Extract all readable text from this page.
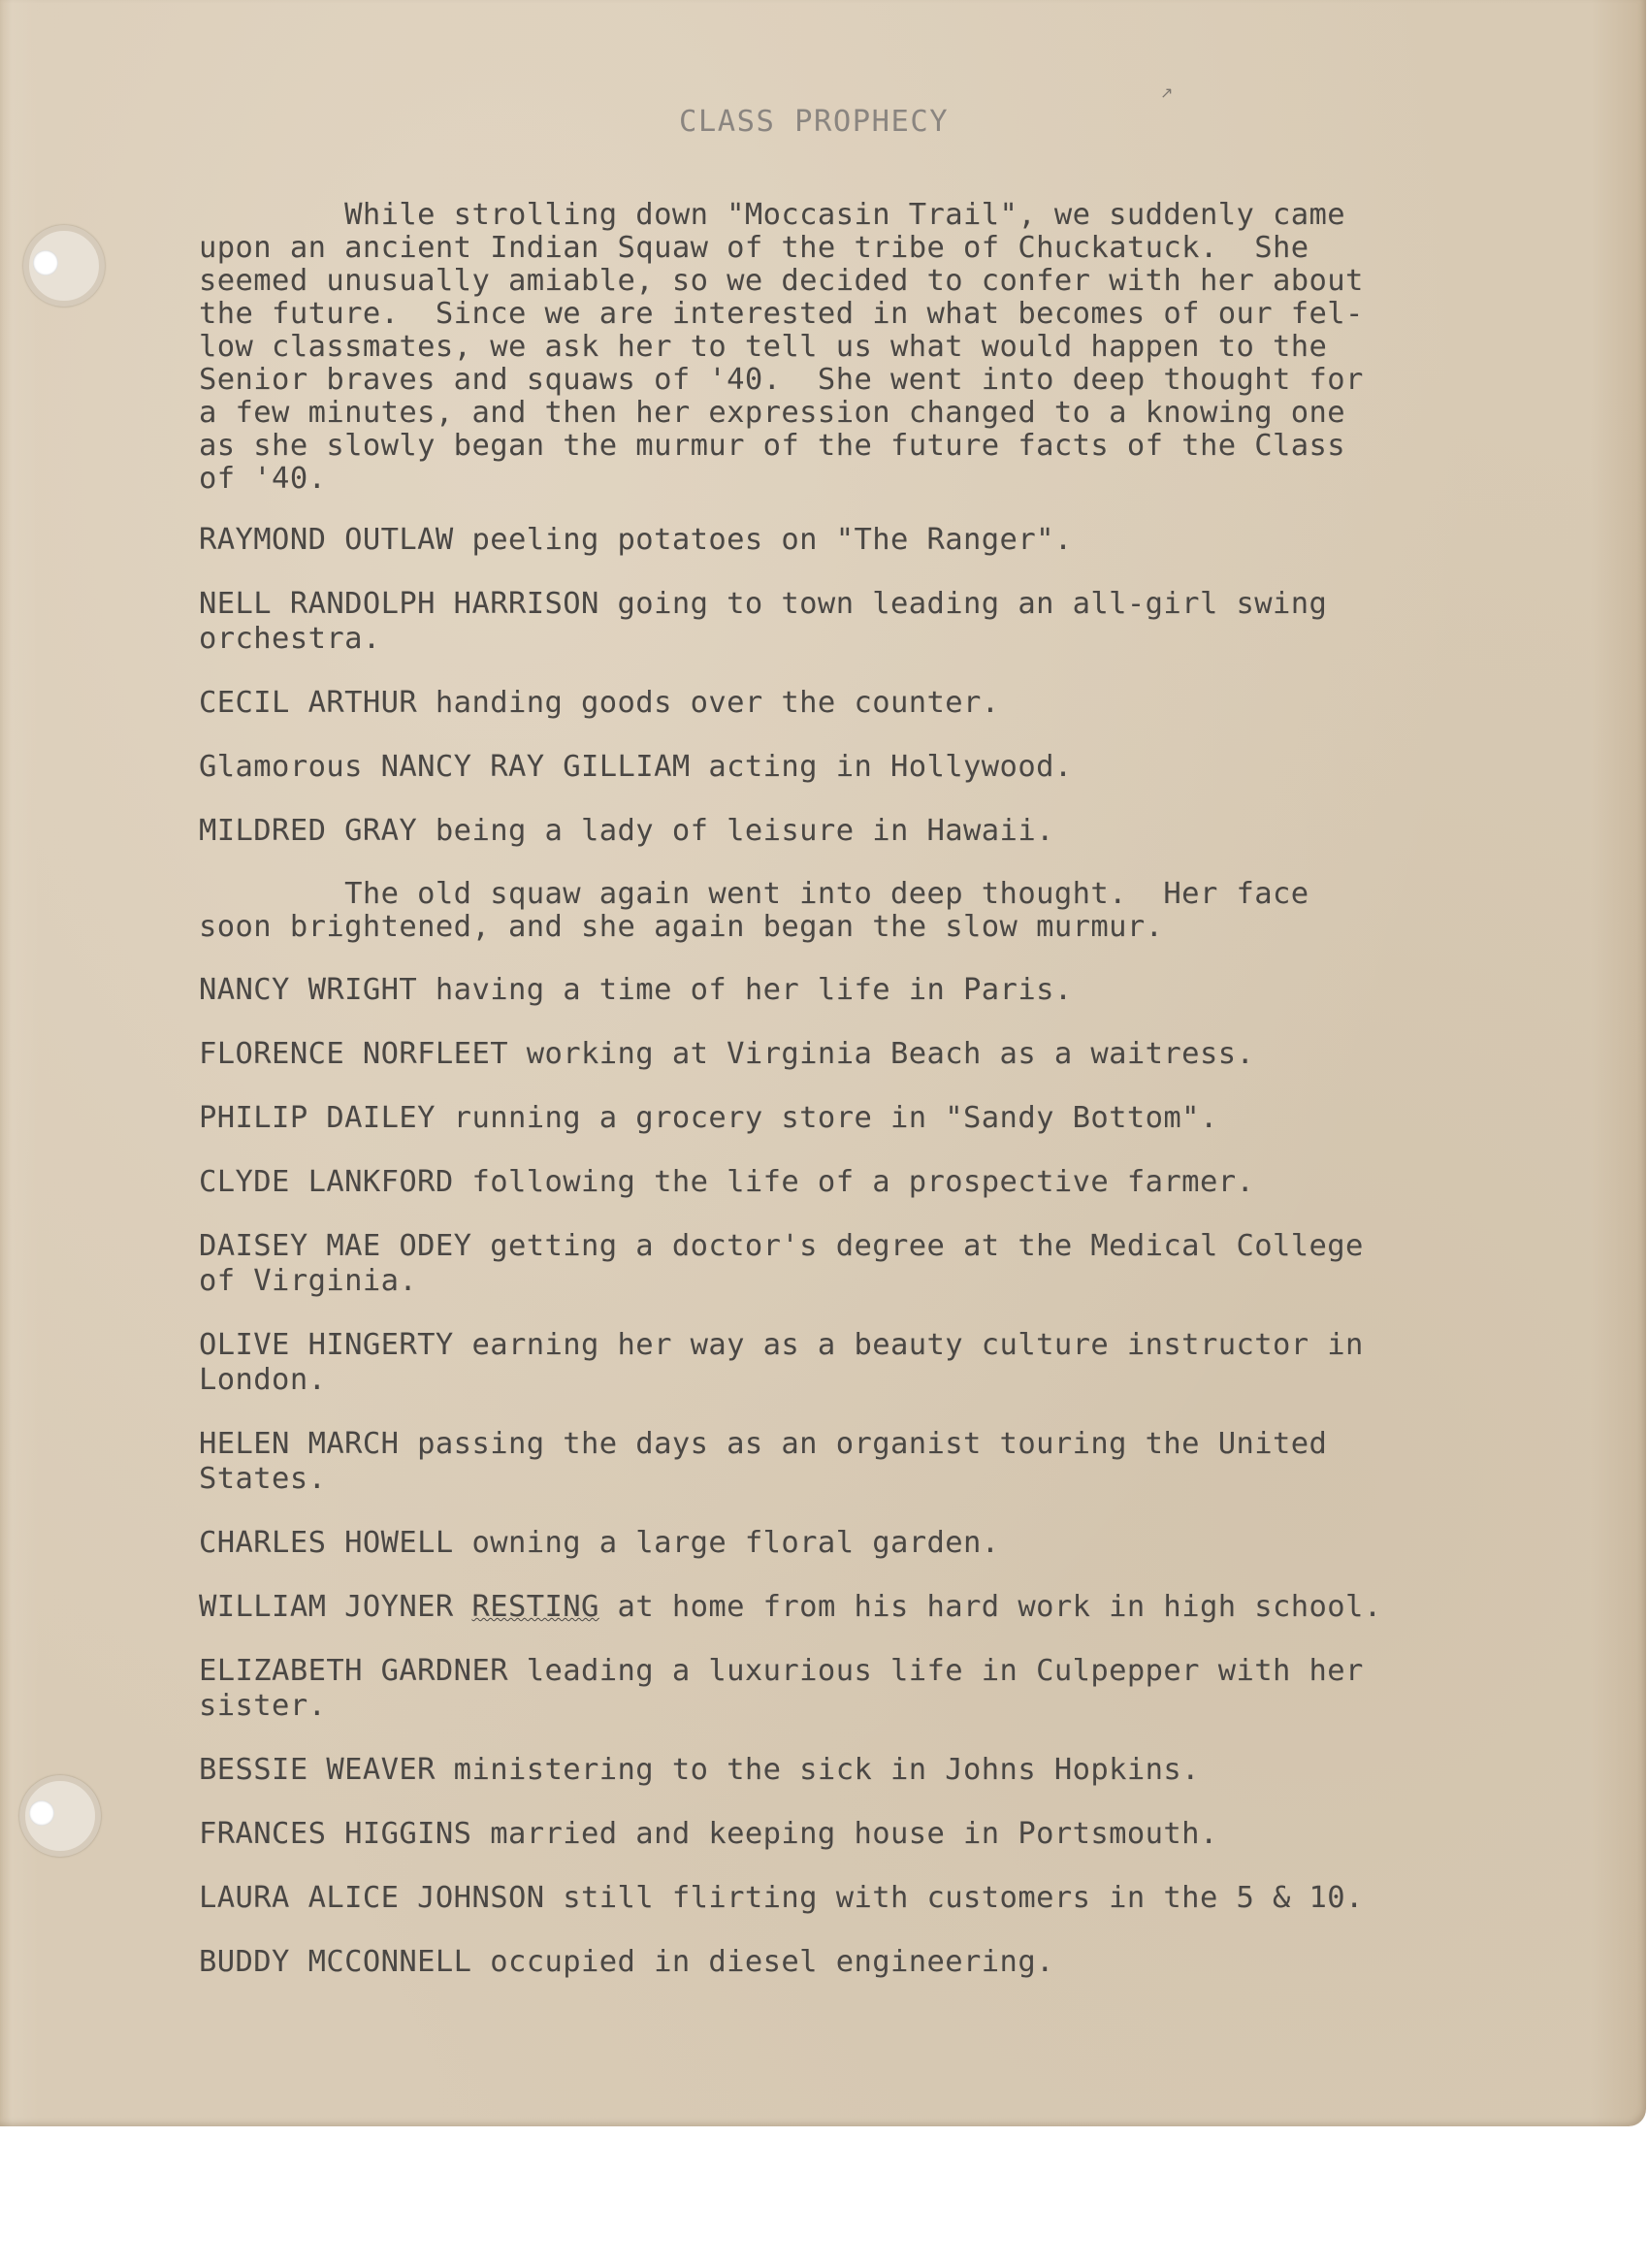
CLASS PROPHECY

↗

While strolling down "Moccasin Trail", we suddenly came

upon an ancient Indian Squaw of the tribe of Chuckatuck.  She

seemed unusually amiable, so we decided to confer with her about

the future.  Since we are interested in what becomes of our fel-

low classmates, we ask her to tell us what would happen to the

Senior braves and squaws of '40.  She went into deep thought for

a few minutes, and then her expression changed to a knowing one

as she slowly began the murmur of the future facts of the Class

of '40.

RAYMOND OUTLAW peeling potatoes on "The Ranger".

NELL RANDOLPH HARRISON going to town leading an all-girl swing

orchestra.

CECIL ARTHUR handing goods over the counter.

Glamorous NANCY RAY GILLIAM acting in Hollywood.

MILDRED GRAY being a lady of leisure in Hawaii.

The old squaw again went into deep thought.  Her face

soon brightened, and she again began the slow murmur.

NANCY WRIGHT having a time of her life in Paris.

FLORENCE NORFLEET working at Virginia Beach as a waitress.

PHILIP DAILEY running a grocery store in "Sandy Bottom".

CLYDE LANKFORD following the life of a prospective farmer.

DAISEY MAE ODEY getting a doctor's degree at the Medical College

of Virginia.

OLIVE HINGERTY earning her way as a beauty culture instructor in

London.

HELEN MARCH passing the days as an organist touring the United

States.

CHARLES HOWELL owning a large floral garden.

WILLIAM JOYNER RESTING at home from his hard work in high school.

ELIZABETH GARDNER leading a luxurious life in Culpepper with her

sister.

BESSIE WEAVER ministering to the sick in Johns Hopkins.

FRANCES HIGGINS married and keeping house in Portsmouth.

LAURA ALICE JOHNSON still flirting with customers in the 5 & 10.

BUDDY MCCONNELL occupied in diesel engineering.
